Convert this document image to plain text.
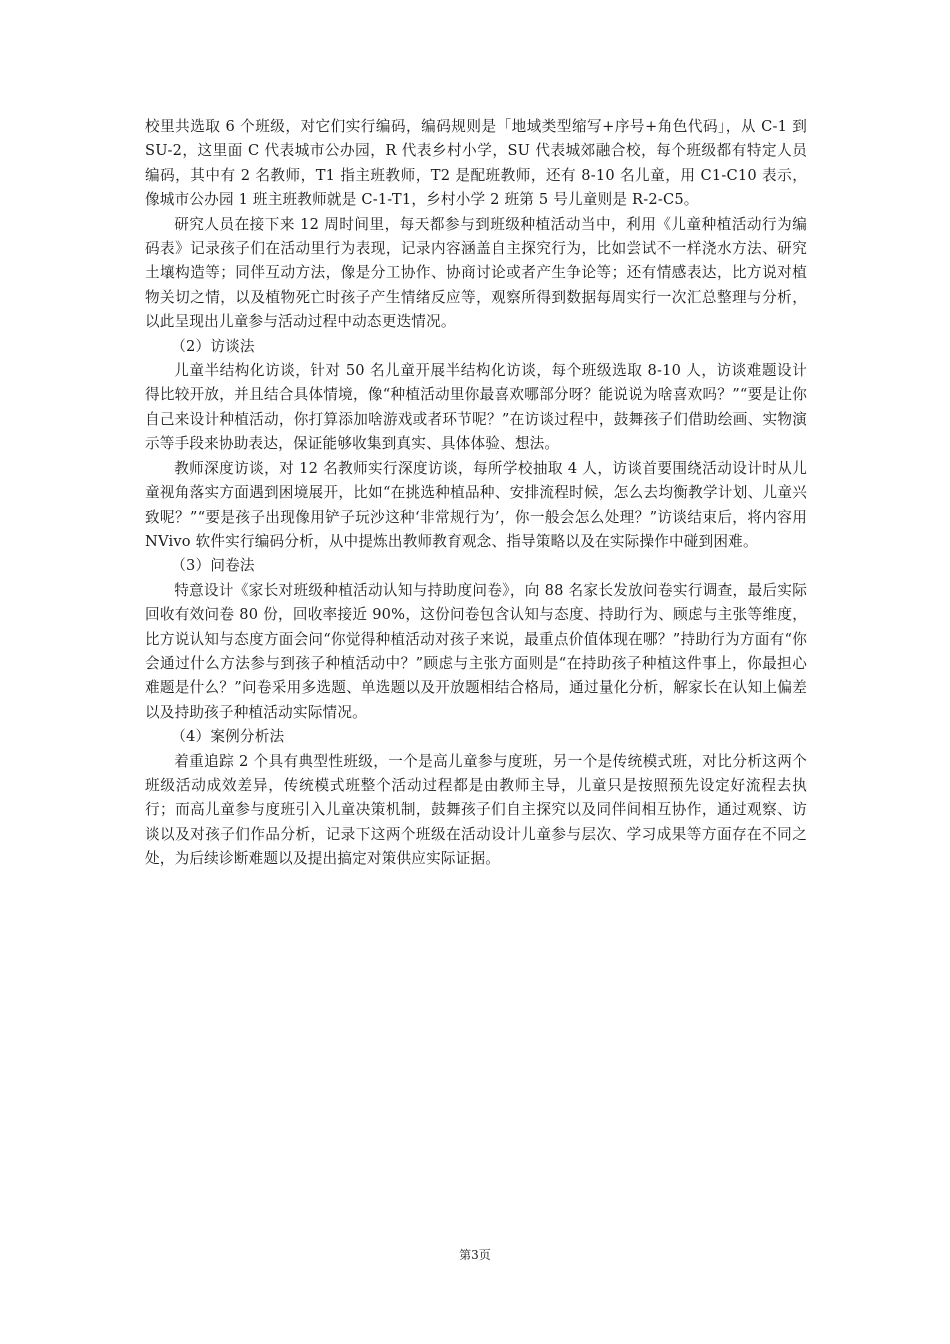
校里共选取 6 个班级，对它们实行编码，编码规则是「地域类型缩写+序号+角色代码」，从 C-1 到 SU-2，这里面 C 代表城市公办园，R 代表乡村小学，SU 代表城郊融合校，每个班级都有特定人员编码，其中有 2 名教师，T1 指主班教师，T2 是配班教师，还有 8-10 名儿童，用 C1-C10 表示，像城市公办园 1 班主班教师就是 C-1-T1，乡村小学 2 班第 5 号儿童则是 R-2-C5。

研究人员在接下来 12 周时间里，每天都参与到班级种植活动当中，利用《儿童种植活动行为编码表》记录孩子们在活动里行为表现，记录内容涵盖自主探究行为，比如尝试不一样浇水方法、研究土壤构造等；同伴互动方法，像是分工协作、协商讨论或者产生争论等；还有情感表达，比方说对植物关切之情，以及植物死亡时孩子产生情绪反应等，观察所得到数据每周实行一次汇总整理与分析，以此呈现出儿童参与活动过程中动态更迭情况。

（2）访谈法

儿童半结构化访谈，针对 50 名儿童开展半结构化访谈，每个班级选取 8-10 人，访谈难题设计得比较开放，并且结合具体情境，像“种植活动里你最喜欢哪部分呀？能说说为啥喜欢吗？”“要是让你自己来设计种植活动，你打算添加啥游戏或者环节呢？”在访谈过程中，鼓舞孩子们借助绘画、实物演示等手段来协助表达，保证能够收集到真实、具体体验、想法。

教师深度访谈，对 12 名教师实行深度访谈，每所学校抽取 4 人，访谈首要围绕活动设计时从儿童视角落实方面遇到困境展开，比如“在挑选种植品种、安排流程时候，怎么去均衡教学计划、儿童兴致呢？”“要是孩子出现像用铲子玩沙这种‘非常规行为’，你一般会怎么处理？”访谈结束后，将内容用 NVivo 软件实行编码分析，从中提炼出教师教育观念、指导策略以及在实际操作中碰到困难。

（3）问卷法

特意设计《家长对班级种植活动认知与持助度问卷》，向 88 名家长发放问卷实行调查，最后实际回收有效问卷 80 份，回收率接近 90%，这份问卷包含认知与态度、持助行为、顾虑与主张等维度，比方说认知与态度方面会问“你觉得种植活动对孩子来说，最重点价值体现在哪？”持助行为方面有“你会通过什么方法参与到孩子种植活动中？”顾虑与主张方面则是“在持助孩子种植这件事上，你最担心难题是什么？”问卷采用多选题、单选题以及开放题相结合格局，通过量化分析，解家长在认知上偏差以及持助孩子种植活动实际情况。

（4）案例分析法

着重追踪 2 个具有典型性班级，一个是高儿童参与度班，另一个是传统模式班，对比分析这两个班级活动成效差异，传统模式班整个活动过程都是由教师主导，儿童只是按照预先设定好流程去执行；而高儿童参与度班引入儿童决策机制，鼓舞孩子们自主探究以及同伴间相互协作，通过观察、访谈以及对孩子们作品分析，记录下这两个班级在活动设计儿童参与层次、学习成果等方面存在不同之处，为后续诊断难题以及提出搞定对策供应实际证据。

第3页
